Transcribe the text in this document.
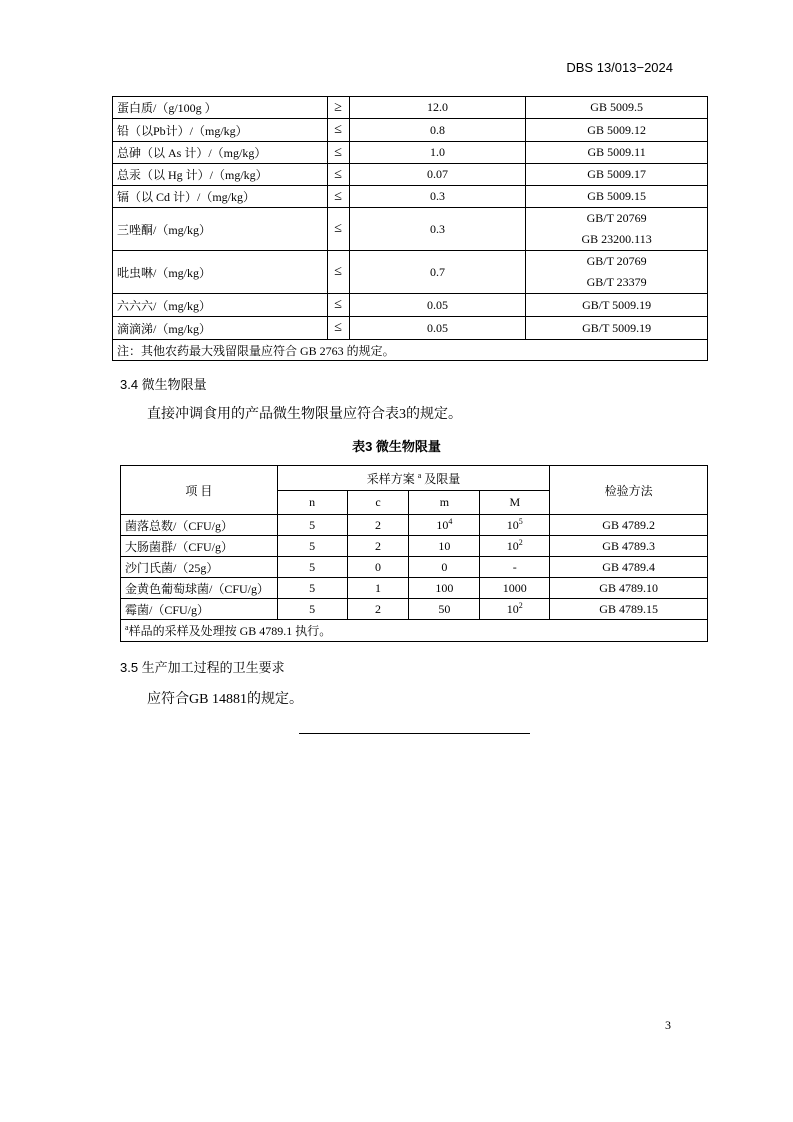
DBS 13/013−2024
蛋白质/（g/100g ）	≥	12.0	GB 5009.5

铅（以Pb计）/（mg/kg）	≤	0.8	GB 5009.12

总砷（以 As 计）/（mg/kg）	≤	1.0	GB 5009.11

总汞（以 Hg 计）/（mg/kg）	≤	0.07	GB 5009.17

镉（以 Cd 计）/（mg/kg）	≤	0.3	GB 5009.15

三唑酮/（mg/kg）	≤	0.3	GB/T 20769
GB 23200.113

吡虫啉/（mg/kg）	≤	0.7	GB/T 20769
GB/T 23379

六六六/（mg/kg）	≤	0.05	GB/T 5009.19

滴滴涕/（mg/kg）	≤	0.05	GB/T 5009.19

注：其他农药最大残留限量应符合 GB 2763 的规定。			
3.4 微生物限量
直接冲调食用的产品微生物限量应符合表3的规定。
表3 微生物限量
项 目	采样方案 $^a$ 及限量				检验方法
	n	c	m	M	
菌落总数/（CFU/g）	5	2	$10^4$	$10^5$	GB 4789.2
大肠菌群/（CFU/g）	5	2	10	$10^2$	GB 4789.3
沙门氏菌/（25g）	5	0	0	-	GB 4789.4
金黄色葡萄球菌/（CFU/g）	5	1	100	1000	GB 4789.10
霉菌/（CFU/g）	5	2	50	$10^2$	GB 4789.15
$^a$样品的采样及处理按 GB 4789.1 执行。					
3.5 生产加工过程的卫生要求
应符合GB 14881的规定。
3
